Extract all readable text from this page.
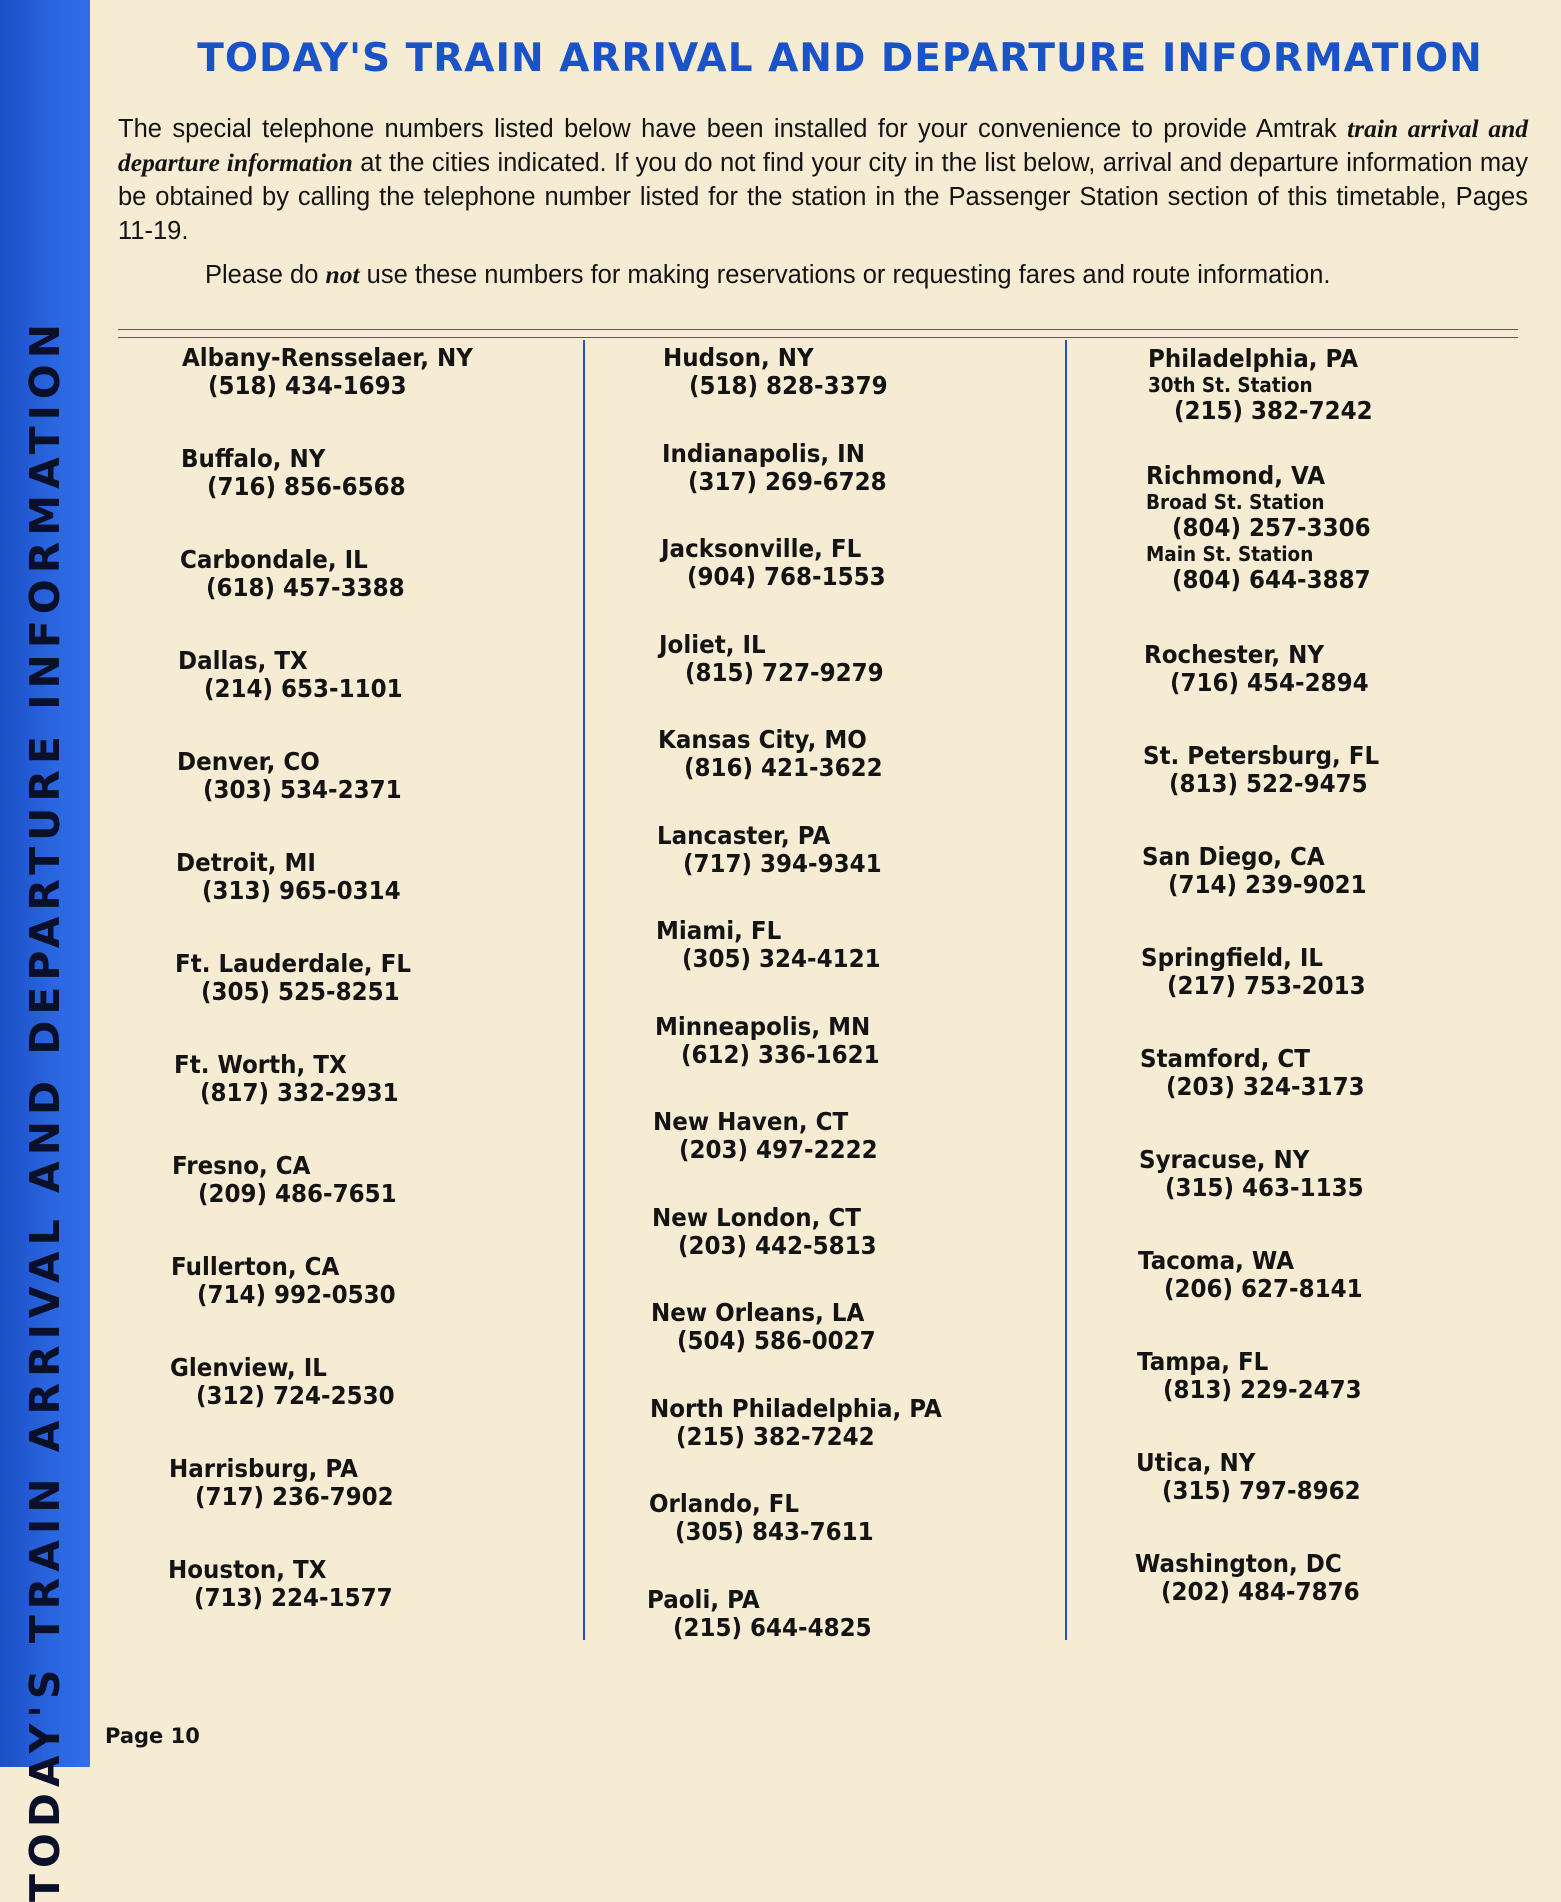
TODAY'S TRAIN ARRIVAL AND DEPARTURE INFORMATION
TODAY'S TRAIN ARRIVAL AND DEPARTURE INFORMATION

The special telephone numbers listed below have been installed for your convenience to provide Amtrak train arrival and departure information at the cities indicated. If you do not find your city in the list below, arrival and departure information may be obtained by calling the telephone number listed for the station in the Passenger Station section of this timetable, Pages 11-19.

Please do not use these numbers for making reservations or requesting fares and route information.

Albany-Rensselaer, NY
(518) 434-1693
Buffalo, NY
(716) 856-6568
Carbondale, IL
(618) 457-3388
Dallas, TX
(214) 653-1101
Denver, CO
(303) 534-2371
Detroit, MI
(313) 965-0314
Ft. Lauderdale, FL
(305) 525-8251
Ft. Worth, TX
(817) 332-2931
Fresno, CA
(209) 486-7651
Fullerton, CA
(714) 992-0530
Glenview, IL
(312) 724-2530
Harrisburg, PA
(717) 236-7902
Houston, TX
(713) 224-1577
Hudson, NY
(518) 828-3379
Indianapolis, IN
(317) 269-6728
Jacksonville, FL
(904) 768-1553
Joliet, IL
(815) 727-9279
Kansas City, MO
(816) 421-3622
Lancaster, PA
(717) 394-9341
Miami, FL
(305) 324-4121
Minneapolis, MN
(612) 336-1621
New Haven, CT
(203) 497-2222
New London, CT
(203) 442-5813
New Orleans, LA
(504) 586-0027
North Philadelphia, PA
(215) 382-7242
Orlando, FL
(305) 843-7611
Paoli, PA
(215) 644-4825
Philadelphia, PA
30th St. Station
(215) 382-7242
Richmond, VA
Broad St. Station
(804) 257-3306
Main St. Station
(804) 644-3887
Rochester, NY
(716) 454-2894
St. Petersburg, FL
(813) 522-9475
San Diego, CA
(714) 239-9021
Springfield, IL
(217) 753-2013
Stamford, CT
(203) 324-3173
Syracuse, NY
(315) 463-1135
Tacoma, WA
(206) 627-8141
Tampa, FL
(813) 229-2473
Utica, NY
(315) 797-8962
Washington, DC
(202) 484-7876
Page 10
